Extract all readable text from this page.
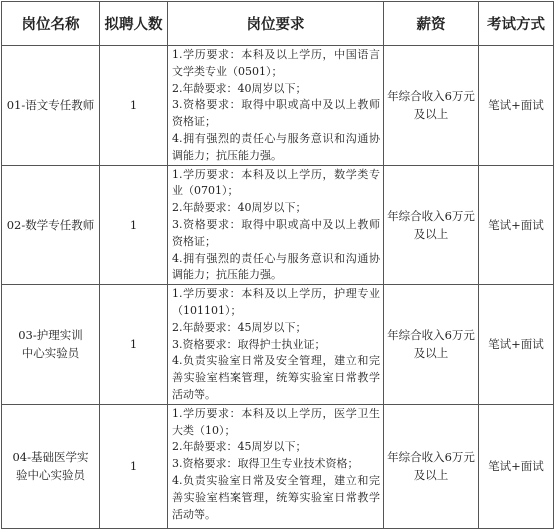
岗位名称	拟聘人数	岗位要求	薪资	考试方式
01-语文专任教师	1	1.学历要求：本科及以上学历，中国语言文学类专业（0501）；
2.年龄要求：40周岁以下；
3.资格要求：取得中职或高中及以上教师资格证；
4.拥有强烈的责任心与服务意识和沟通协调能力；抗压能力强。	年综合收入6万元及以上	笔试+面试
02-数学专任教师	1	1.学历要求：本科及以上学历，数学类专业（0701）；
2.年龄要求：40周岁以下；
3.资格要求：取得中职或高中及以上教师资格证；
4.拥有强烈的责任心与服务意识和沟通协调能力；抗压能力强。	年综合收入6万元及以上	笔试+面试
03-护理实训中心实验员	1	1.学历要求：本科及以上学历，护理专业（101101）；
2.年龄要求：45周岁以下；
3.资格要求：取得护士执业证；
4.负责实验室日常及安全管理，建立和完善实验室档案管理，统筹实验室日常教学活动等。	年综合收入6万元及以上	笔试+面试
04-基础医学实验中心实验员	1	1.学历要求：本科及以上学历，医学卫生大类（10）；
2.年龄要求：45周岁以下；
3.资格要求：取得卫生专业技术资格；
4.负责实验室日常及安全管理，建立和完善实验室档案管理，统筹实验室日常教学活动等。	年综合收入6万元及以上	笔试+面试
